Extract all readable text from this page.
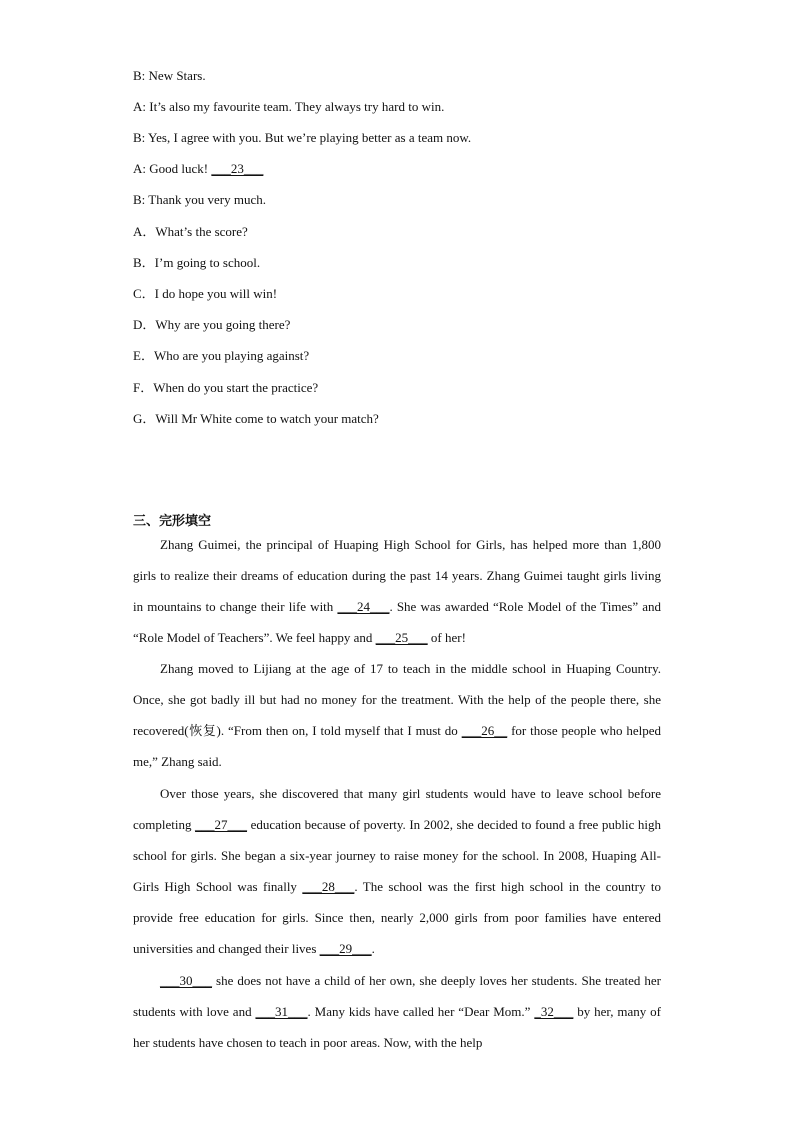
B: New Stars.
A: It’s also my favourite team. They always try hard to win.
B: Yes, I agree with you. But we’re playing better as a team now.
A: Good luck! ___23___
B: Thank you very much.
A．What’s the score?
B．I’m going to school.
C．I do hope you will win!
D．Why are you going there?
E．Who are you playing against?
F．When do you start the practice?
G．Will Mr White come to watch your match?
三、完形填空

Zhang Guimei, the principal of Huaping High School for Girls, has helped more than 1,800 girls to realize their dreams of education during the past 14 years. Zhang Guimei taught girls living in mountains to change their life with ___24___. She was awarded “Role Model of the Times” and “Role Model of Teachers”. We feel happy and ___25___ of her!

Zhang moved to Lijiang at the age of 17 to teach in the middle school in Huaping Country. Once, she got badly ill but had no money for the treatment. With the help of the people there, she recovered(恢复). “From then on, I told myself that I must do ___26__ for those people who helped me,” Zhang said.

Over those years, she discovered that many girl students would have to leave school before completing ___27___ education because of poverty. In 2002, she decided to found a free public high school for girls. She began a six-year journey to raise money for the school. In 2008, Huaping All-Girls High School was finally ___28___. The school was the first high school in the country to provide free education for girls. Since then, nearly 2,000 girls from poor families have entered universities and changed their lives ___29___.

___30___ she does not have a child of her own, she deeply loves her students. She treated her students with love and ___31___. Many kids have called her “Dear Mom.” _32___ by her, many of her students have chosen to teach in poor areas. Now, with the help
